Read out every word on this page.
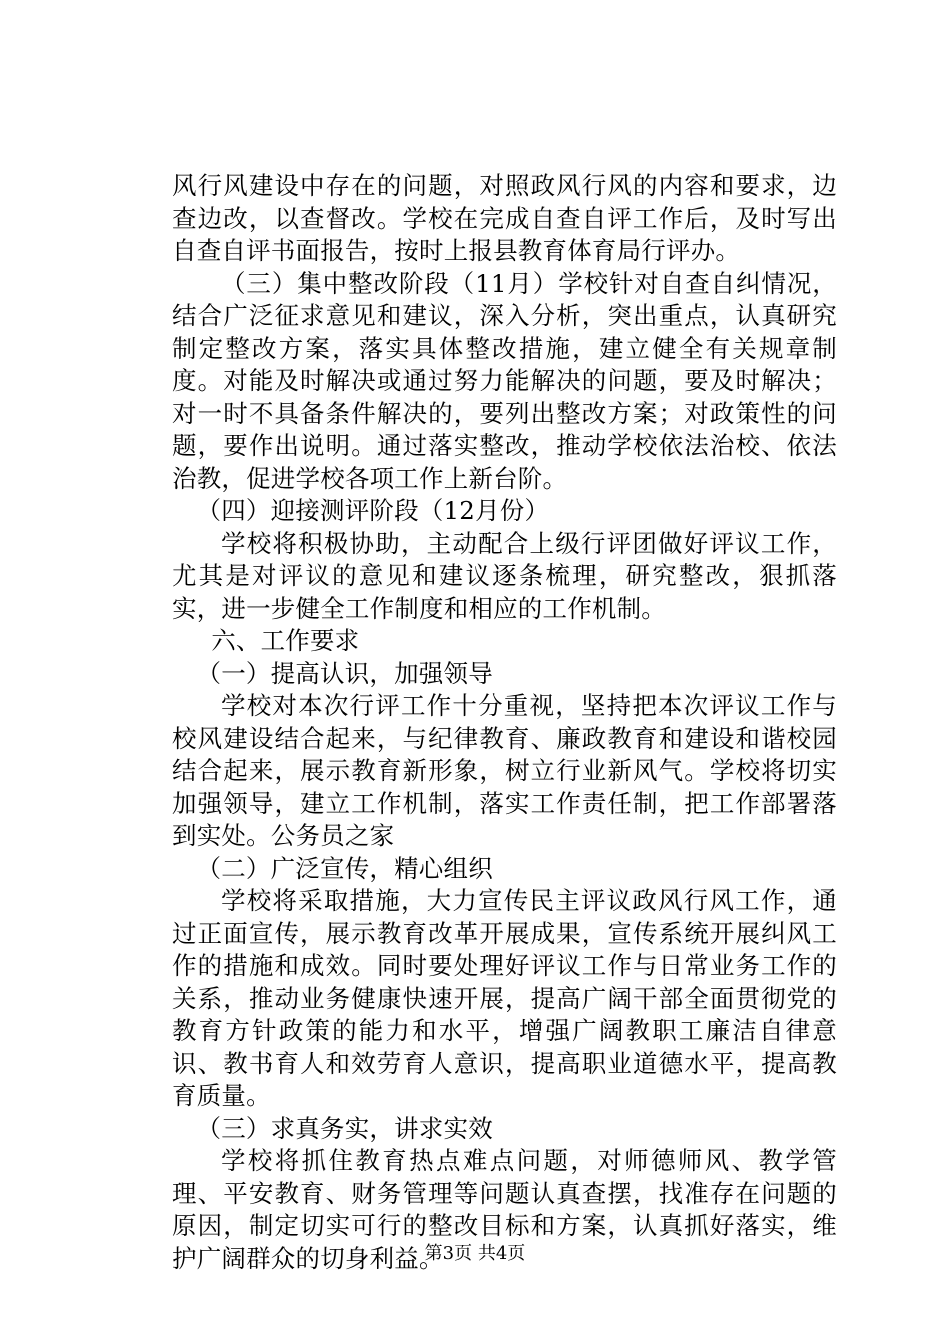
风行风建设中存在的问题，对照政风行风的内容和要求，边查边改，以查督改。学校在完成自查自评工作后，及时写出自查自评书面报告，按时上报县教育体育局行评办。

（三）集中整改阶段（11月）学校针对自查自纠情况，结合广泛征求意见和建议，深入分析，突出重点，认真研究制定整改方案，落实具体整改措施，建立健全有关规章制度。对能及时解决或通过努力能解决的问题，要及时解决；对一时不具备条件解决的，要列出整改方案；对政策性的问题，要作出说明。通过落实整改，推动学校依法治校、依法治教，促进学校各项工作上新台阶。

（四）迎接测评阶段（12月份）

学校将积极协助，主动配合上级行评团做好评议工作，尤其是对评议的意见和建议逐条梳理，研究整改，狠抓落实，进一步健全工作制度和相应的工作机制。

六、工作要求

（一）提高认识，加强领导

学校对本次行评工作十分重视，坚持把本次评议工作与校风建设结合起来，与纪律教育、廉政教育和建设和谐校园结合起来，展示教育新形象，树立行业新风气。学校将切实加强领导，建立工作机制，落实工作责任制，把工作部署落到实处。公务员之家

（二）广泛宣传，精心组织

学校将采取措施，大力宣传民主评议政风行风工作，通过正面宣传，展示教育改革开展成果，宣传系统开展纠风工作的措施和成效。同时要处理好评议工作与日常业务工作的关系，推动业务健康快速开展，提高广阔干部全面贯彻党的教育方针政策的能力和水平，增强广阔教职工廉洁自律意识、教书育人和效劳育人意识，提高职业道德水平，提高教育质量。

（三）求真务实，讲求实效

学校将抓住教育热点难点问题，对师德师风、教学管理、平安教育、财务管理等问题认真查摆，找准存在问题的原因，制定切实可行的整改目标和方案，认真抓好落实，维护广阔群众的切身利益。

第3页 共4页
